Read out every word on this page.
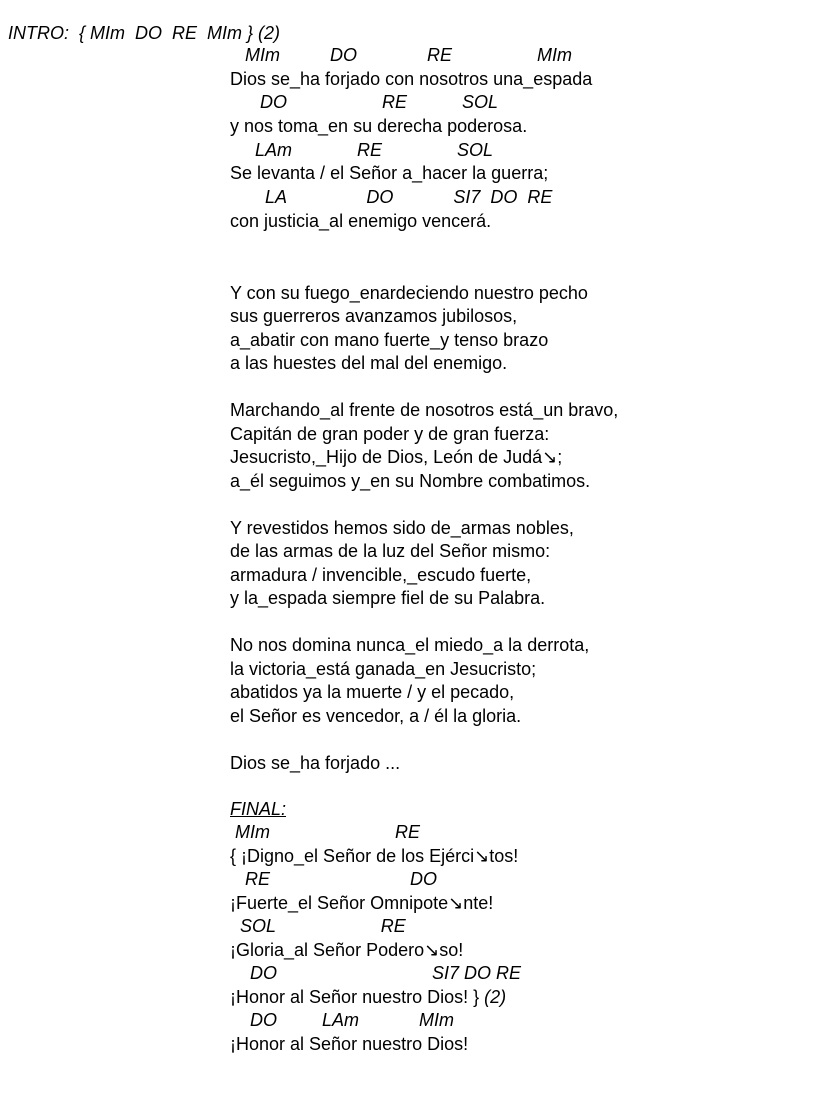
INTRO:  { MIm  DO  RE  MIm } (2)
MIm          DO              RE                 MIm
Dios se_ha forjado con nosotros una_espada
DO                   RE           SOL
y nos toma_en su derecha poderosa.
LAm             RE               SOL
Se levanta / el Señor a_hacer la guerra;
LA                DO            SI7  DO  RE
con justicia_al enemigo vencerá.
Y con su fuego_enardeciendo nuestro pecho
sus guerreros avanzamos jubilosos,
a_abatir con mano fuerte_y tenso brazo
a las huestes del mal del enemigo.
Marchando_al frente de nosotros está_un bravo,
Capitán de gran poder y de gran fuerza:
Jesucristo,_Hijo de Dios, León de Judá↘;
a_él seguimos y_en su Nombre combatimos.
Y revestidos hemos sido de_armas nobles,
de las armas de la luz del Señor mismo:
armadura / invencible,_escudo fuerte,
y la_espada siempre fiel de su Palabra.
No nos domina nunca_el miedo_a la derrota,
la victoria_está ganada_en Jesucristo;
abatidos ya la muerte / y el pecado,
el Señor es vencedor, a / él la gloria.
Dios se_ha forjado ...
FINAL:
MIm                         RE
{ ¡Digno_el Señor de los Ejérci↘tos!
RE                            DO
¡Fuerte_el Señor Omnipote↘nte!
SOL                     RE
¡Gloria_al Señor Podero↘so!
DO                               SI7 DO RE
¡Honor al Señor nuestro Dios! } (2)
DO         LAm            MIm
¡Honor al Señor nuestro Dios!
